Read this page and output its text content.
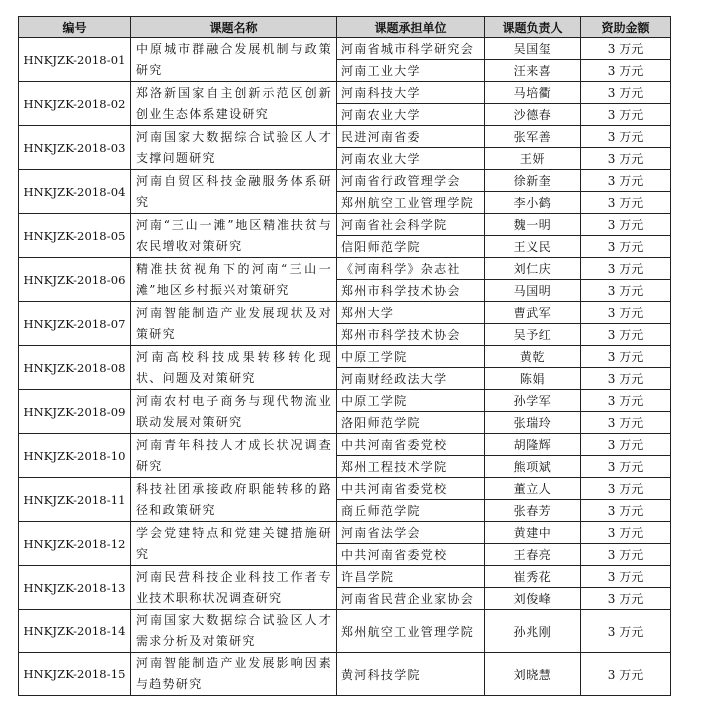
编号	课题名称	课题承担单位	课题负责人	资助金额
HNKJZK-2018-01	中原城市群融合发展机制与政策研究	河南省城市科学研究会	吴国玺	3 万元
		河南工业大学	汪来喜	3 万元
HNKJZK-2018-02	郑洛新国家自主创新示范区创新创业生态体系建设研究	河南科技大学	马培衢	3 万元
		河南农业大学	沙德春	3 万元
HNKJZK-2018-03	河南国家大数据综合试验区人才支撑问题研究	民进河南省委	张军善	3 万元
		河南农业大学	王妍	3 万元
HNKJZK-2018-04	河南自贸区科技金融服务体系研究	河南省行政管理学会	徐新奎	3 万元
		郑州航空工业管理学院	李小鹤	3 万元
HNKJZK-2018-05	河南“三山一滩”地区精准扶贫与农民增收对策研究	河南省社会科学院	魏一明	3 万元
		信阳师范学院	王义民	3 万元
HNKJZK-2018-06	精准扶贫视角下的河南“三山一滩”地区乡村振兴对策研究	《河南科学》杂志社	刘仁庆	3 万元
		郑州市科学技术协会	马国明	3 万元
HNKJZK-2018-07	河南智能制造产业发展现状及对策研究	郑州大学	曹武军	3 万元
		郑州市科学技术协会	吴予红	3 万元
HNKJZK-2018-08	河南高校科技成果转移转化现状、问题及对策研究	中原工学院	黄乾	3 万元
		河南财经政法大学	陈娟	3 万元
HNKJZK-2018-09	河南农村电子商务与现代物流业联动发展对策研究	中原工学院	孙学军	3 万元
		洛阳师范学院	张瑞玲	3 万元
HNKJZK-2018-10	河南青年科技人才成长状况调查研究	中共河南省委党校	胡隆辉	3 万元
		郑州工程技术学院	熊项斌	3 万元
HNKJZK-2018-11	科技社团承接政府职能转移的路径和政策研究	中共河南省委党校	董立人	3 万元
		商丘师范学院	张春芳	3 万元
HNKJZK-2018-12	学会党建特点和党建关键措施研究	河南省法学会	黄建中	3 万元
		中共河南省委党校	王春亮	3 万元
HNKJZK-2018-13	河南民营科技企业科技工作者专业技术职称状况调查研究	许昌学院	崔秀花	3 万元
		河南省民营企业家协会	刘俊峰	3 万元
HNKJZK-2018-14	河南国家大数据综合试验区人才需求分析及对策研究	郑州航空工业管理学院	孙兆刚	3 万元
HNKJZK-2018-15	河南智能制造产业发展影响因素与趋势研究	黄河科技学院	刘晓慧	3 万元
